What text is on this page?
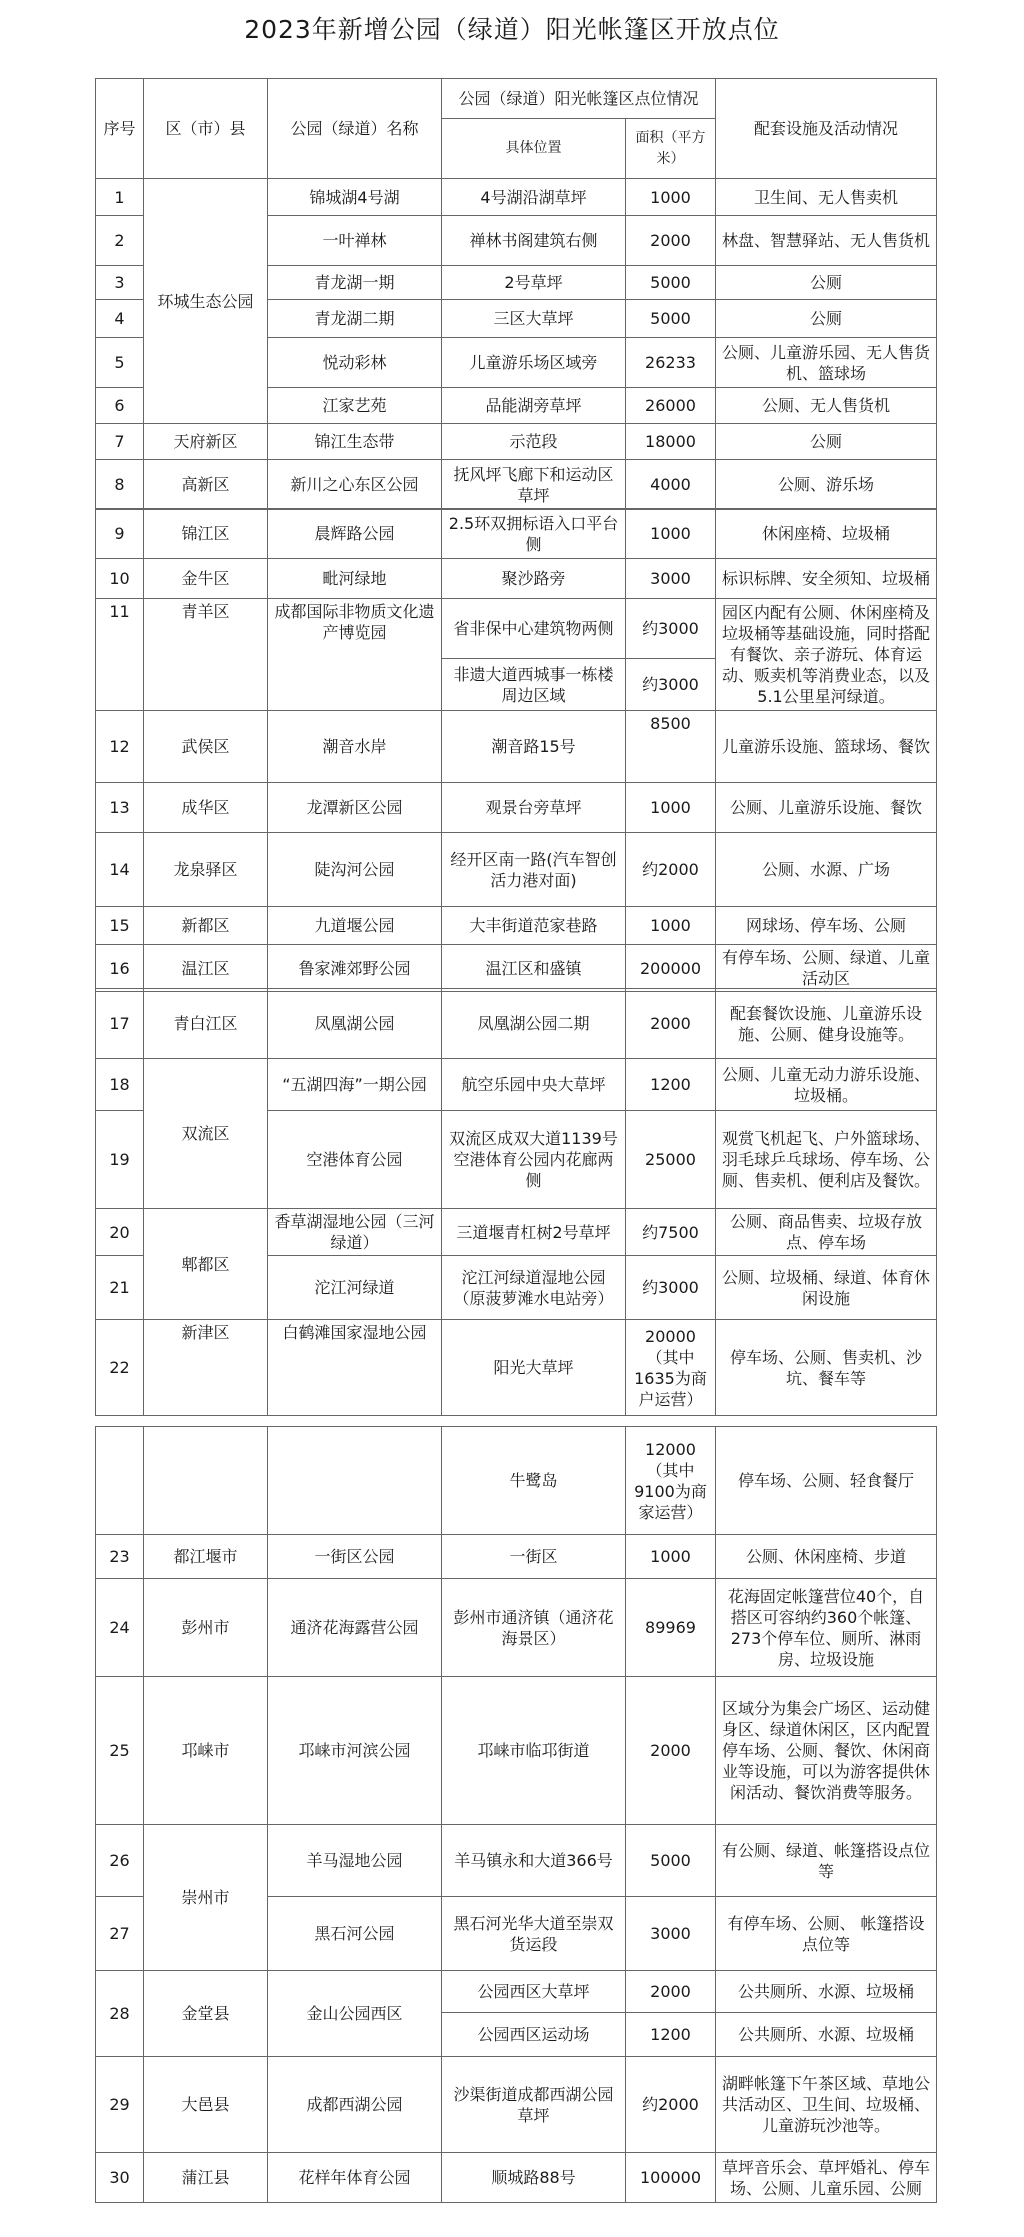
2023年新增公园（绿道）阳光帐篷区开放点位
序号	区（市）县	公园（绿道）名称	公园（绿道）阳光帐篷区点位情况		配套设施及活动情况
			具体位置	面积（平方米）	
1	环城生态公园	锦城湖4号湖	4号湖沿湖草坪	1000	卫生间、无人售卖机
2		一叶禅林	禅林书阁建筑右侧	2000	林盘、智慧驿站、无人售货机
3		青龙湖一期	2号草坪	5000	公厕
4		青龙湖二期	三区大草坪	5000	公厕
5		悦动彩林	儿童游乐场区域旁	26233	公厕、儿童游乐园、无人售货机、篮球场
6		江家艺苑	品能湖旁草坪	26000	公厕、无人售货机
7	天府新区	锦江生态带	示范段	18000	公厕
8	高新区	新川之心东区公园	抚风坪飞廊下和运动区草坪	4000	公厕、游乐场
9	锦江区	晨辉路公园	2.5环双拥标语入口平台侧	1000	休闲座椅、垃圾桶
10	金牛区	毗河绿地	聚沙路旁	3000	标识标牌、安全须知、垃圾桶
11	青羊区	成都国际非物质文化遗产博览园	省非保中心建筑物两侧	约3000	园区内配有公厕、休闲座椅及垃圾桶等基础设施，同时搭配有餐饮、亲子游玩、体育运动、贩卖机等消费业态，以及5.1公里星河绿道。
			非遗大道西城事一栋楼周边区域	约3000	
12	武侯区	潮音水岸	潮音路15号	8500	儿童游乐设施、篮球场、餐饮
13	成华区	龙潭新区公园	观景台旁草坪	1000	公厕、儿童游乐设施、餐饮
14	龙泉驿区	陡沟河公园	经开区南一路(汽车智创活力港对面)	约2000	公厕、水源、广场
15	新都区	九道堰公园	大丰街道范家巷路	1000	网球场、停车场、公厕
16	温江区	鲁家滩郊野公园	温江区和盛镇	200000	有停车场、公厕、绿道、儿童活动区
17	青白江区	凤凰湖公园	凤凰湖公园二期	2000	配套餐饮设施、儿童游乐设施、公厕、健身设施等。
18	双流区	“五湖四海”一期公园	航空乐园中央大草坪	1200	公厕、儿童无动力游乐设施、垃圾桶。
19		空港体育公园	双流区成双大道1139号空港体育公园内花廊两侧	25000	观赏飞机起飞、户外篮球场、羽毛球乒乓球场、停车场、公厕、售卖机、便利店及餐饮。
20	郫都区	香草湖湿地公园（三河绿道）	三道堰青杠树2号草坪	约7500	公厕、商品售卖、垃圾存放点、停车场
21		沱江河绿道	沱江河绿道湿地公园（原菠萝滩水电站旁）	约3000	公厕、垃圾桶、绿道、体育休闲设施
22	新津区	白鹤滩国家湿地公园	阳光大草坪	20000（其中1635为商户运营）	停车场、公厕、售卖机、沙坑、餐车等
			牛鹭岛	12000（其中9100为商家运营）	停车场、公厕、轻食餐厅
23	都江堰市	一街区公园	一街区	1000	公厕、休闲座椅、步道
24	彭州市	通济花海露营公园	彭州市通济镇（通济花海景区）	89969	花海固定帐篷营位40个，自搭区可容纳约360个帐篷、273个停车位、厕所、淋雨房、垃圾设施
25	邛崃市	邛崃市河滨公园	邛崃市临邛街道	2000	区域分为集会广场区、运动健身区、绿道休闲区，区内配置停车场、公厕、餐饮、休闲商业等设施，可以为游客提供休闲活动、餐饮消费等服务。
26	崇州市	羊马湿地公园	羊马镇永和大道366号	5000	有公厕、绿道、帐篷搭设点位等
27		黑石河公园	黑石河光华大道至崇双货运段	3000	有停车场、公厕、 帐篷搭设点位等
28	金堂县	金山公园西区	公园西区大草坪	2000	公共厕所、水源、垃圾桶
			公园西区运动场	1200	公共厕所、水源、垃圾桶
29	大邑县	成都西湖公园	沙渠街道成都西湖公园草坪	约2000	湖畔帐篷下午茶区域、草地公共活动区、卫生间、垃圾桶、儿童游玩沙池等。
30	蒲江县	花样年体育公园	顺城路88号	100000	草坪音乐会、草坪婚礼、停车场、公厕、儿童乐园、公厕
